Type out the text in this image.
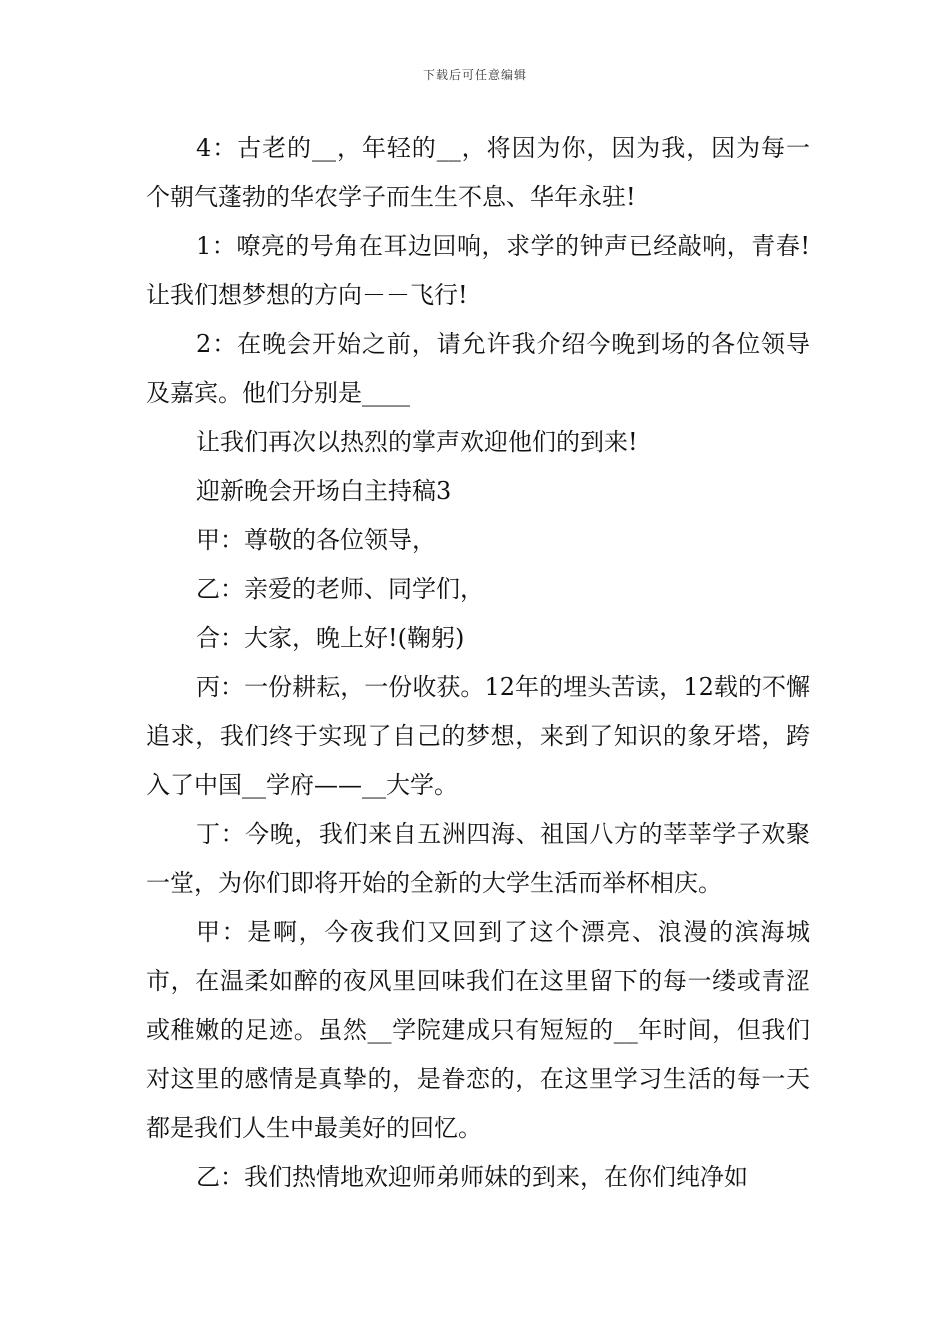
下载后可任意编辑

4：古老的__，年轻的__，将因为你，因为我，因为每一个朝气蓬勃的华农学子而生生不息、华年永驻!

1：嘹亮的号角在耳边回响，求学的钟声已经敲响，青春!让我们想梦想的方向－－飞行!

2：在晚会开始之前，请允许我介绍今晚到场的各位领导及嘉宾。他们分别是____

让我们再次以热烈的掌声欢迎他们的到来!

迎新晚会开场白主持稿3

甲：尊敬的各位领导，

乙：亲爱的老师、同学们，

合：大家，晚上好!(鞠躬)

丙：一份耕耘，一份收获。12年的埋头苦读，12载的不懈追求，我们终于实现了自己的梦想，来到了知识的象牙塔，跨入了中国__学府——__大学。

丁：今晚，我们来自五洲四海、祖国八方的莘莘学子欢聚一堂，为你们即将开始的全新的大学生活而举杯相庆。

甲：是啊，今夜我们又回到了这个漂亮、浪漫的滨海城市，在温柔如醉的夜风里回味我们在这里留下的每一缕或青涩或稚嫩的足迹。虽然__学院建成只有短短的__年时间，但我们对这里的感情是真挚的，是眷恋的，在这里学习生活的每一天都是我们人生中最美好的回忆。

乙：我们热情地欢迎师弟师妹的到来，在你们纯净如
